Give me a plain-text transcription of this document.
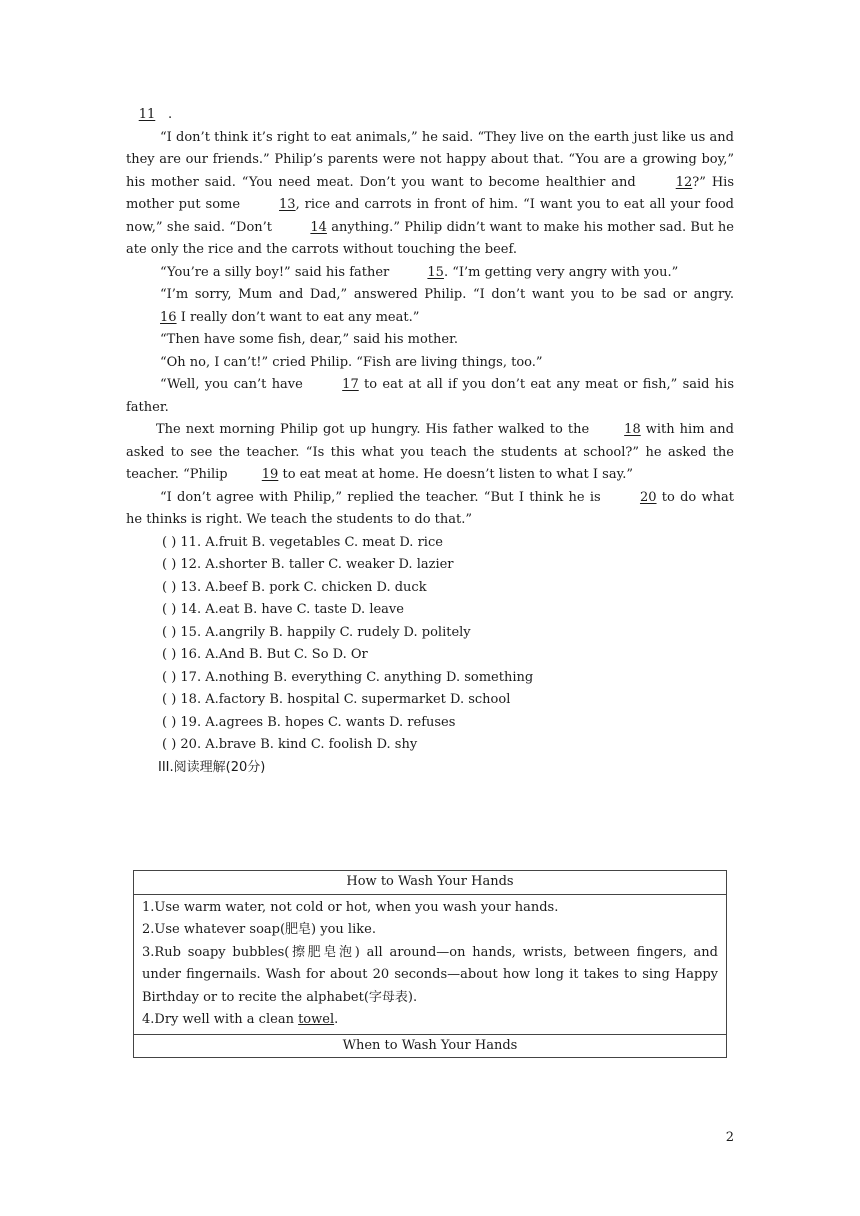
11 .

“I don’t think it’s right to eat animals,” he said. “They live on the earth just like us and they are our friends.” Philip’s parents were not happy about that. “You are a growing boy,” his mother said. “You need meat. Don’t you want to become healthier and	12?” His mother put some	13, rice and carrots in front of him. “I want you to eat all your food now,” she said. “Don’t	14 anything.” Philip didn’t want to make his mother sad. But he ate only the rice and the carrots without touching the beef.

“You’re a silly boy!” said his father	15. “I’m getting very angry with you.”

“I’m sorry, Mum and Dad,” answered Philip. “I don’t want you to be sad or angry. 16 I really don’t want to eat any meat.”

“Then have some fish, dear,” said his mother.

“Oh no, I can’t!” cried Philip. “Fish are living things, too.”

“Well, you can’t have	17 to eat at all if you don’t eat any meat or fish,” said his father.

The next morning Philip got up hungry. His father walked to the	18 with him and asked to see the teacher. “Is this what you teach the students at school?” he asked the teacher. “Philip	19 to eat meat at home. He doesn’t listen to what I say.”

“I don’t agree with Philip,” replied the teacher. “But I think he is	20 to do what he thinks is right. We teach the students to do that.”

( ) 11. A.fruit B. vegetables C. meat D. rice
( ) 12. A.shorter B. taller C. weaker D. lazier
( ) 13. A.beef B. pork C. chicken D. duck
( ) 14. A.eat B. have C. taste D. leave
( ) 15. A.angrily B. happily C. rudely D. politely
( ) 16. A.And B. But C. So D. Or
( ) 17. A.nothing B. everything C. anything D. something
( ) 18. A.factory B. hospital C. supermarket D. school
( ) 19. A.agrees B. hopes C. wants D. refuses
( ) 20. A.brave B. kind C. foolish D. shy
III.阅读理解(20分)
How to Wash Your Hands

1.Use warm water, not cold or hot, when you wash your hands.
2.Use whatever soap(肥皂) you like.
3.Rub soapy bubbles(擦肥皂泡) all around—on hands, wrists, between fingers, and under fingernails. Wash for about 20 seconds—about how long it takes to sing Happy Birthday or to recite the alphabet(字母表).
4.Dry well with a clean towel.

When to Wash Your Hands
2
